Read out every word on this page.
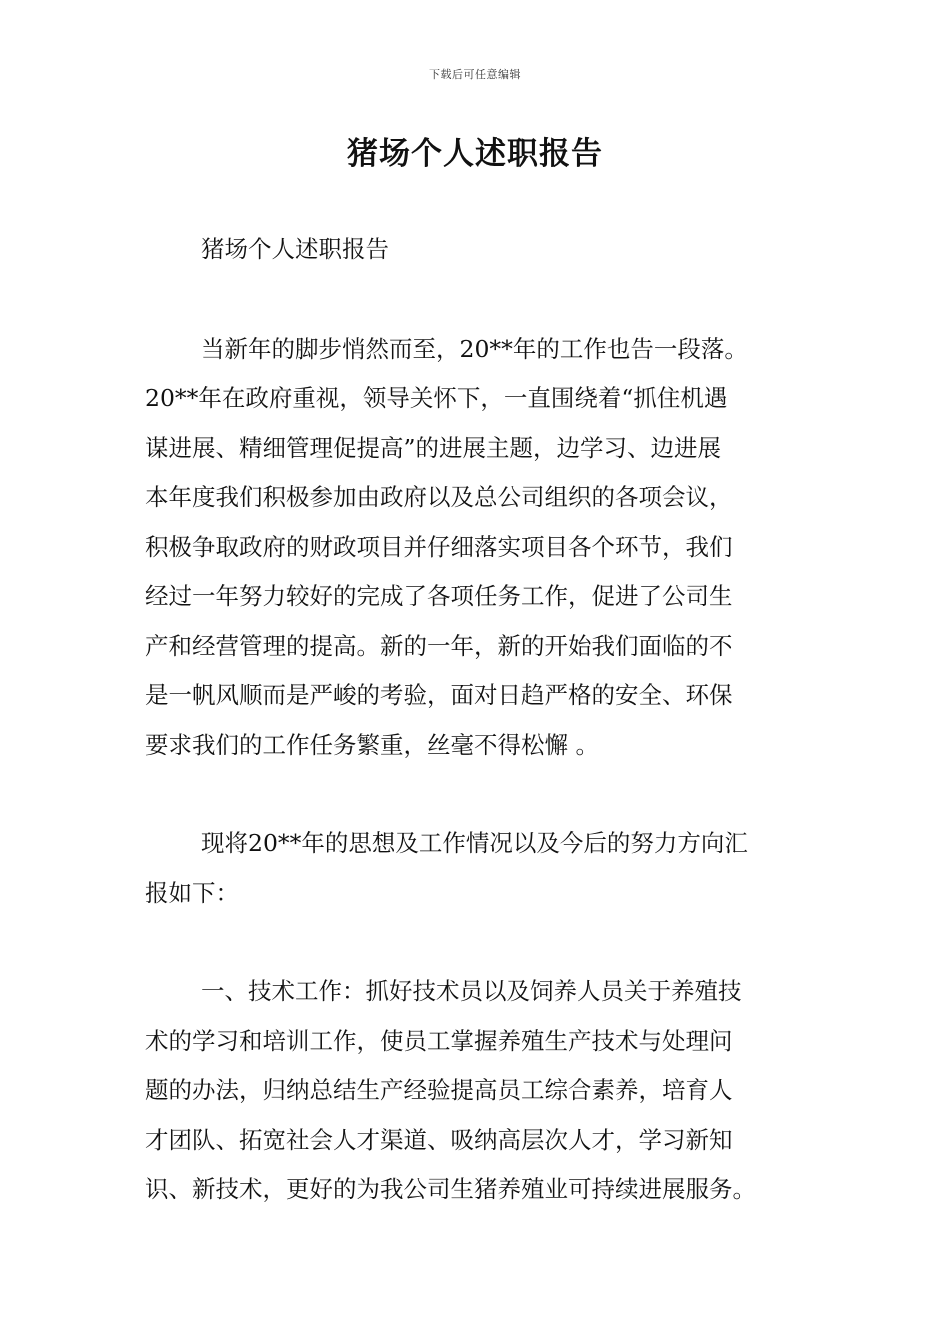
下载后可任意编辑
猪场个人述职报告

猪场个人述职报告

当新年的脚步悄然而至，20**年的工作也告一段落。
20**年在政府重视，领导关怀下，一直围绕着“抓住机遇
谋进展、精细管理促提高”的进展主题，边学习、边进展
本年度我们积极参加由政府以及总公司组织的各项会议，
积极争取政府的财政项目并仔细落实项目各个环节，我们
经过一年努力较好的完成了各项任务工作，促进了公司生
产和经营管理的提高。新的一年，新的开始我们面临的不
是一帆风顺而是严峻的考验，面对日趋严格的安全、环保
要求我们的工作任务繁重，丝毫不得松懈 。

现将20**年的思想及工作情况以及今后的努力方向汇
报如下：

一、技术工作：抓好技术员以及饲养人员关于养殖技
术的学习和培训工作，使员工掌握养殖生产技术与处理问
题的办法，归纳总结生产经验提高员工综合素养，培育人
才团队、拓宽社会人才渠道、吸纳高层次人才，学习新知
识、新技术，更好的为我公司生猪养殖业可持续进展服务。
